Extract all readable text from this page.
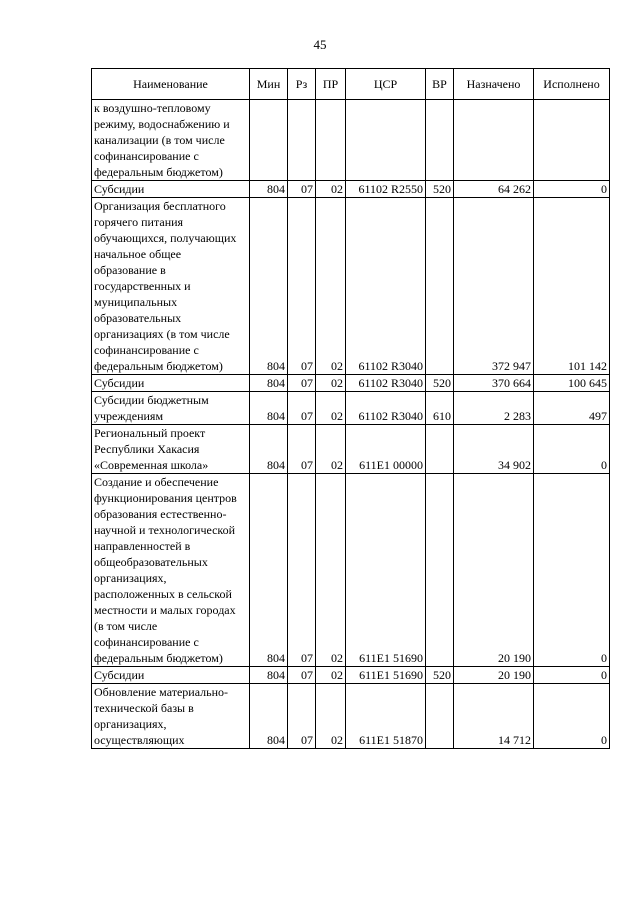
45
Наименование	Мин	Рз	ПР	ЦСР	ВР	Назначено	Исполнено
к воздушно-тепловому режиму, водоснабжению и канализации (в том числе софинансирование с федеральным бюджетом)							
Субсидии	804	07	02	61102 R2550	520	64 262	0
Организация бесплатного горячего питания обучающихся, получающих начальное общее образование в государственных и муниципальных образовательных организациях (в том числе софинансирование с федеральным бюджетом)	804	07	02	61102 R3040		372 947	101 142
Субсидии	804	07	02	61102 R3040	520	370 664	100 645
Субсидии бюджетным учреждениям	804	07	02	61102 R3040	610	2 283	497
Региональный проект Республики Хакасия «Современная школа»	804	07	02	611E1 00000		34 902	0
Создание и обеспечение функционирования центров образования естественно-научной и технологической направленностей в общеобразовательных организациях, расположенных в сельской местности и малых городах (в том числе софинансирование с федеральным бюджетом)	804	07	02	611E1 51690		20 190	0
Субсидии	804	07	02	611E1 51690	520	20 190	0
Обновление материально-технической базы в организациях, осуществляющих	804	07	02	611E1 51870		14 712	0
